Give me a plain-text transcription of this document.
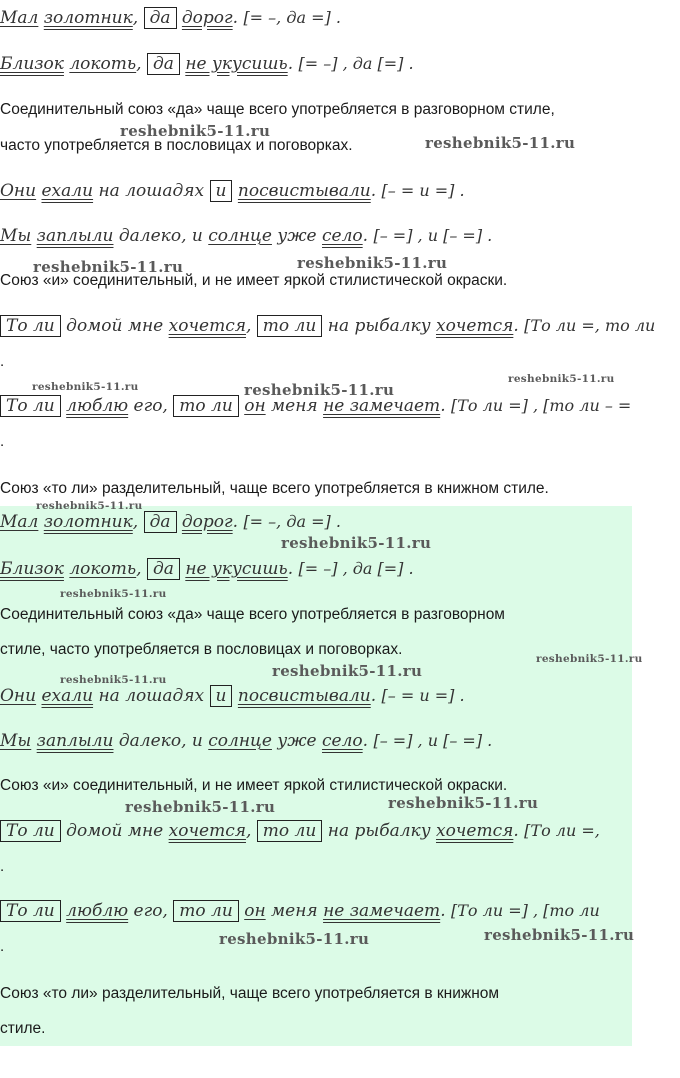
Мал золотник, да дорог. [= –, да =] .
Близок локоть, да не укусишь. [= –] , да [=] .
Соединительный союз «да» чаще всего употребляется в разговорном стиле,
часто употребляется в пословицах и поговорках.
Они ехали на лошадях и посвистывали. [– = и =] .
Мы заплыли далеко, и солнце уже село. [– =] , и [– =] .
Союз «и» соединительный, и не имеет яркой стилистической окраски.
То ли домой мне хочется, то ли на рыбалку хочется. [То ли =, то ли
.
То ли люблю его, то ли он меня не замечает. [То ли =] , [то ли – =
.
Союз «то ли» разделительный, чаще всего употребляется в книжном стиле.
Мал золотник, да дорог. [= –, да =] .
Близок локоть, да не укусишь. [= –] , да [=] .
Соединительный союз «да» чаще всего употребляется в разговорном
стиле, часто употребляется в пословицах и поговорках.
Они ехали на лошадях и посвистывали. [– = и =] .
Мы заплыли далеко, и солнце уже село. [– =] , и [– =] .
Союз «и» соединительный, и не имеет яркой стилистической окраски.
То ли домой мне хочется, то ли на рыбалку хочется. [То ли =,
.
То ли люблю его, то ли он меня не замечает. [То ли =] , [то ли
.
Союз «то ли» разделительный, чаще всего употребляется в книжном
стиле.
reshebnik5-11.ru
reshebnik5-11.ru
reshebnik5-11.ru	reshebnik5-11.ru
reshebnik5-11.ru	reshebnik5-11.ru
reshebnik5-11.ru
reshebnik5-11.ru
reshebnik5-11.ru
reshebnik5-11.ru
reshebnik5-11.ru
reshebnik5-11.ru
reshebnik5-11.ru
reshebnik5-11.ru	reshebnik5-11.ru
reshebnik5-11.ru	reshebnik5-11.ru
